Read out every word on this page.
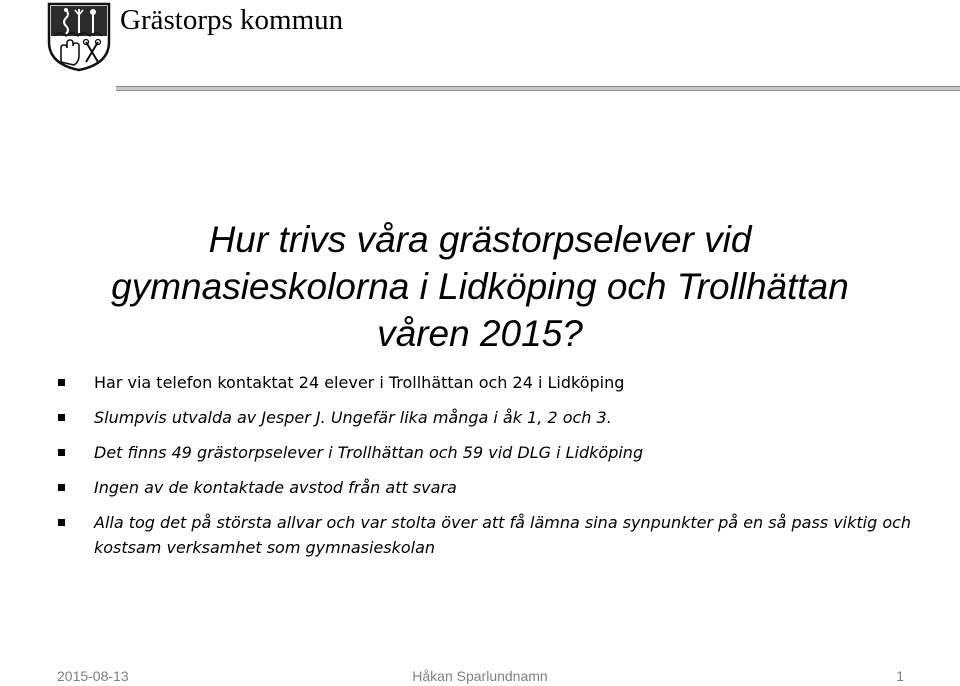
Grästorps kommun
Hur trivs våra grästorpselever vid
gymnasieskolorna i Lidköping och Trollhättan
våren 2015?
Har via telefon kontaktat 24 elever i Trollhättan och 24 i Lidköping
Slumpvis utvalda av Jesper J. Ungefär lika många i åk 1, 2 och 3.
Det finns 49 grästorpselever i Trollhättan och 59 vid DLG i Lidköping
Ingen av de kontaktade avstod från att svara
Alla tog det på största allvar och var stolta över att få lämna sina synpunkter på en så pass viktig och kostsam verksamhet som gymnasieskolan
2015-08-13	Håkan Sparlundnamn	1
